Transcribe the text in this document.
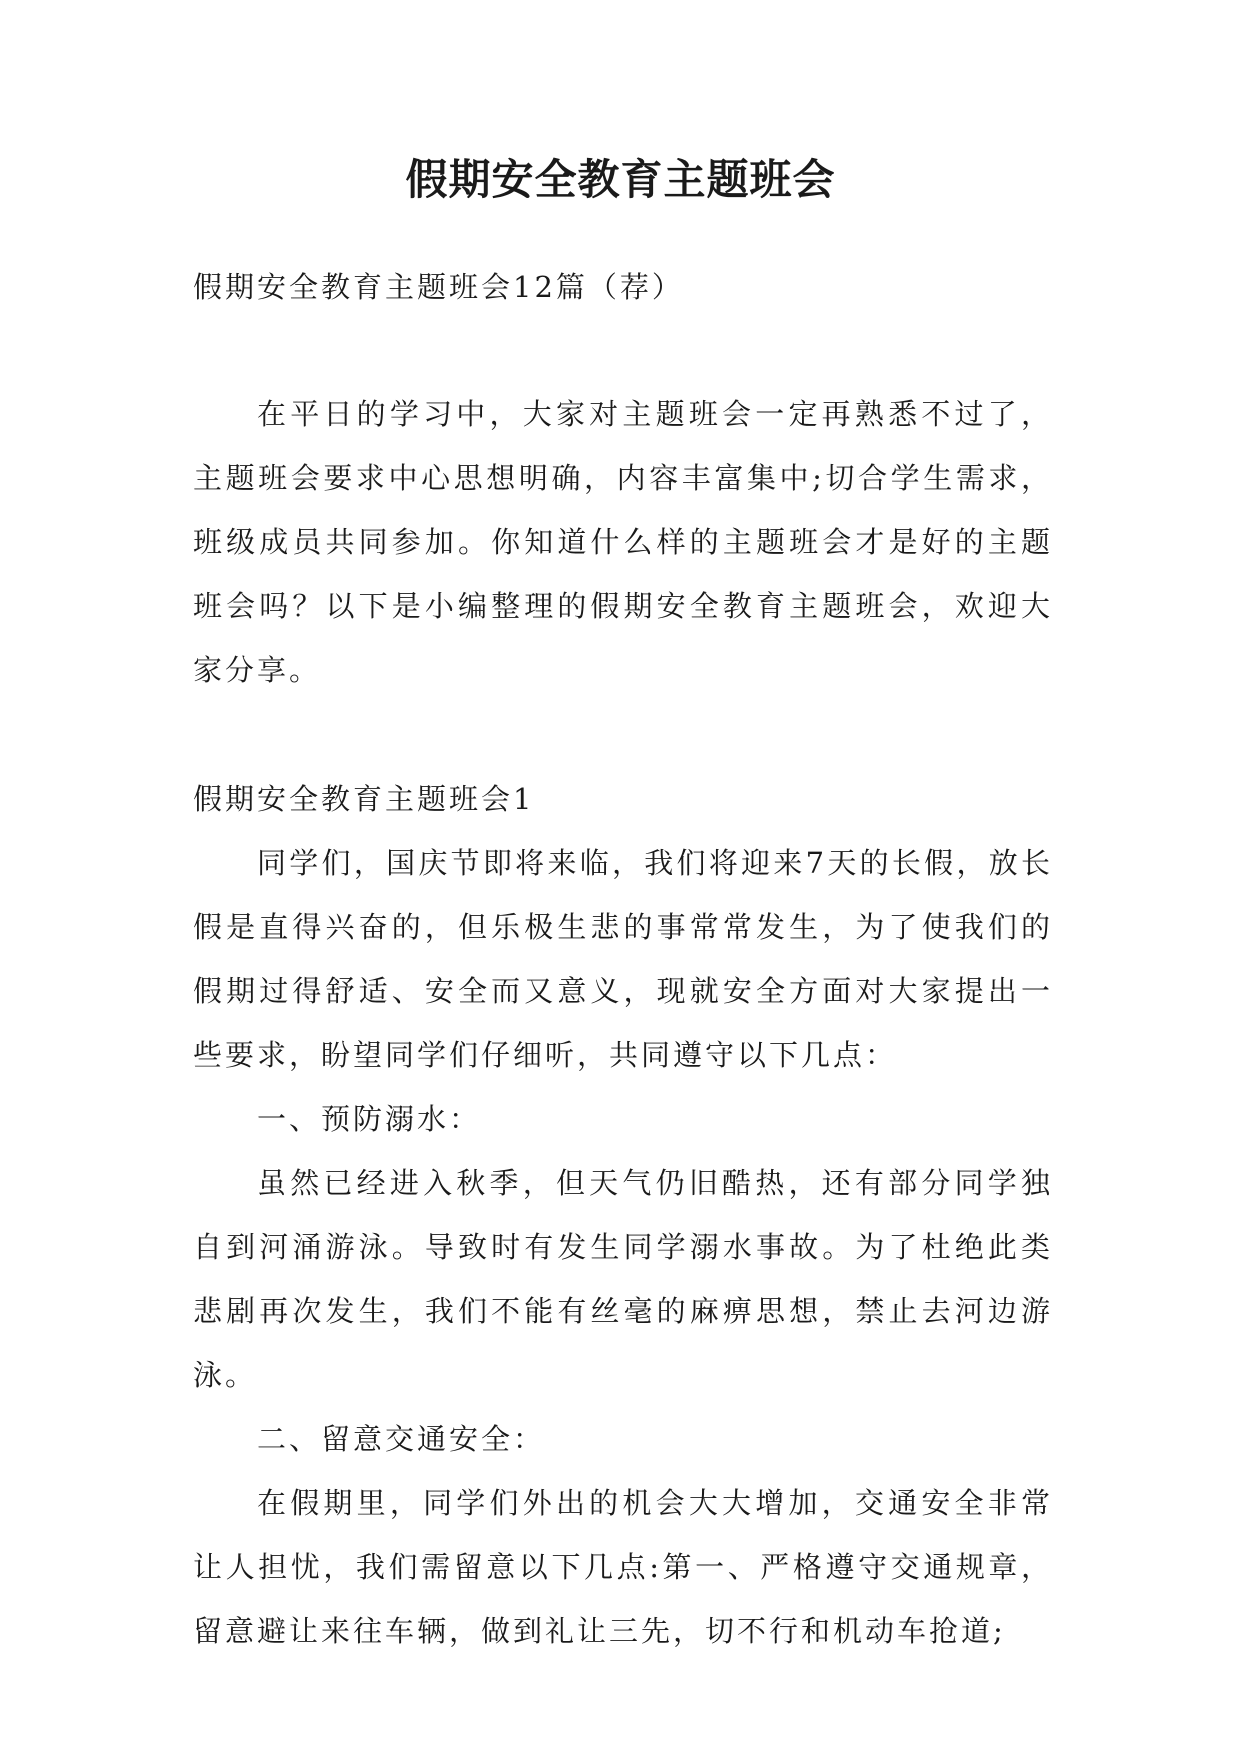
假期安全教育主题班会

假期安全教育主题班会12篇（荐）

在平日的学习中，大家对主题班会一定再熟悉不过了，主题班会要求中心思想明确，内容丰富集中;切合学生需求，班级成员共同参加。你知道什么样的主题班会才是好的主题班会吗？以下是小编整理的假期安全教育主题班会，欢迎大家分享。

假期安全教育主题班会1

同学们，国庆节即将来临，我们将迎来7天的长假，放长假是直得兴奋的，但乐极生悲的事常常发生，为了使我们的假期过得舒适、安全而又意义，现就安全方面对大家提出一些要求，盼望同学们仔细听，共同遵守以下几点：

一、预防溺水：

虽然已经进入秋季，但天气仍旧酷热，还有部分同学独自到河涌游泳。导致时有发生同学溺水事故。为了杜绝此类悲剧再次发生，我们不能有丝毫的麻痹思想，禁止去河边游泳。

二、留意交通安全：

在假期里，同学们外出的机会大大增加，交通安全非常让人担忧，我们需留意以下几点:第一、严格遵守交通规章，留意避让来往车辆，做到礼让三先，切不行和机动车抢道;
